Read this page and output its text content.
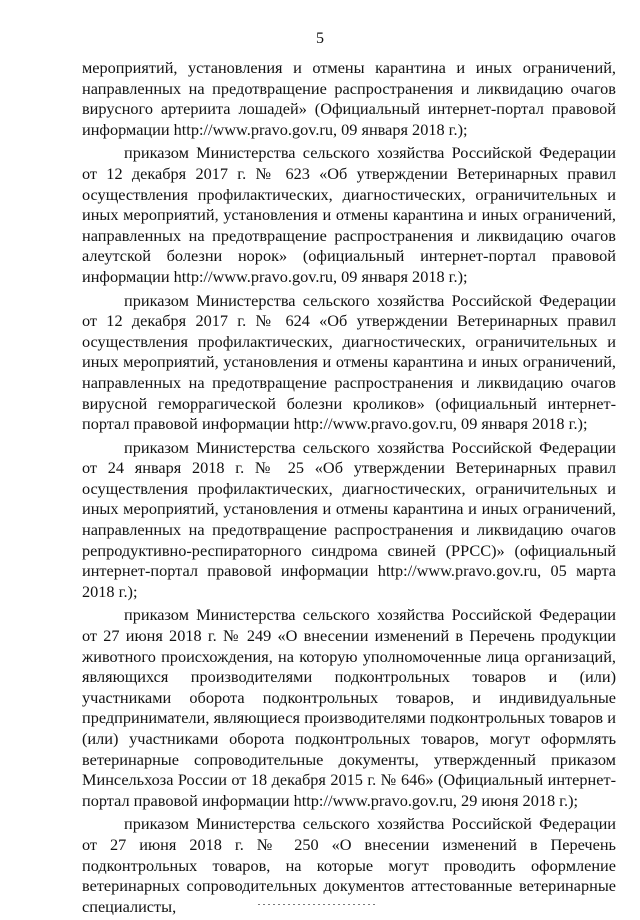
5

мероприятий, установления и отмены карантина и иных ограничений, направленных на предотвращение распространения и ликвидацию очагов вирусного артериита лошадей» (Официальный интернет-портал правовой информации http://www.pravo.gov.ru, 09 января 2018 г.);

приказом Министерства сельского хозяйства Российской Федерации от 12 декабря 2017 г. № 623 «Об утверждении Ветеринарных правил осуществления профилактических, диагностических, ограничительных и иных мероприятий, установления и отмены карантина и иных ограничений, направленных на предотвращение распространения и ликвидацию очагов алеутской болезни норок» (официальный интернет-портал правовой информации http://www.pravo.gov.ru, 09 января 2018 г.);

приказом Министерства сельского хозяйства Российской Федерации от 12 декабря 2017 г. № 624 «Об утверждении Ветеринарных правил осуществления профилактических, диагностических, ограничительных и иных мероприятий, установления и отмены карантина и иных ограничений, направленных на предотвращение распространения и ликвидацию очагов вирусной геморрагической болезни кроликов» (официальный интернет-портал правовой информации http://www.pravo.gov.ru, 09 января 2018 г.);

приказом Министерства сельского хозяйства Российской Федерации от 24 января 2018 г. № 25 «Об утверждении Ветеринарных правил осуществления профилактических, диагностических, ограничительных и иных мероприятий, установления и отмены карантина и иных ограничений, направленных на предотвращение распространения и ликвидацию очагов репродуктивно-респираторного синдрома свиней (РРСС)» (официальный интернет-портал правовой информации http://www.pravo.gov.ru, 05 марта 2018 г.);

приказом Министерства сельского хозяйства Российской Федерации от 27 июня 2018 г. № 249 «О внесении изменений в Перечень продукции животного происхождения, на которую уполномоченные лица организаций, являющихся производителями подконтрольных товаров и (или) участниками оборота подконтрольных товаров, и индивидуальные предприниматели, являющиеся производителями подконтрольных товаров и (или) участниками оборота подконтрольных товаров, могут оформлять ветеринарные сопроводительные документы, утвержденный приказом Минсельхоза России от 18 декабря 2015 г. № 646» (Официальный интернет-портал правовой информации http://www.pravo.gov.ru, 29 июня 2018 г.);

приказом Министерства сельского хозяйства Российской Федерации от 27 июня 2018 г. № 250 «О внесении изменений в Перечень подконтрольных товаров, на которые могут проводить оформление ветеринарных сопроводительных документов аттестованные ветеринарные специалисты,
